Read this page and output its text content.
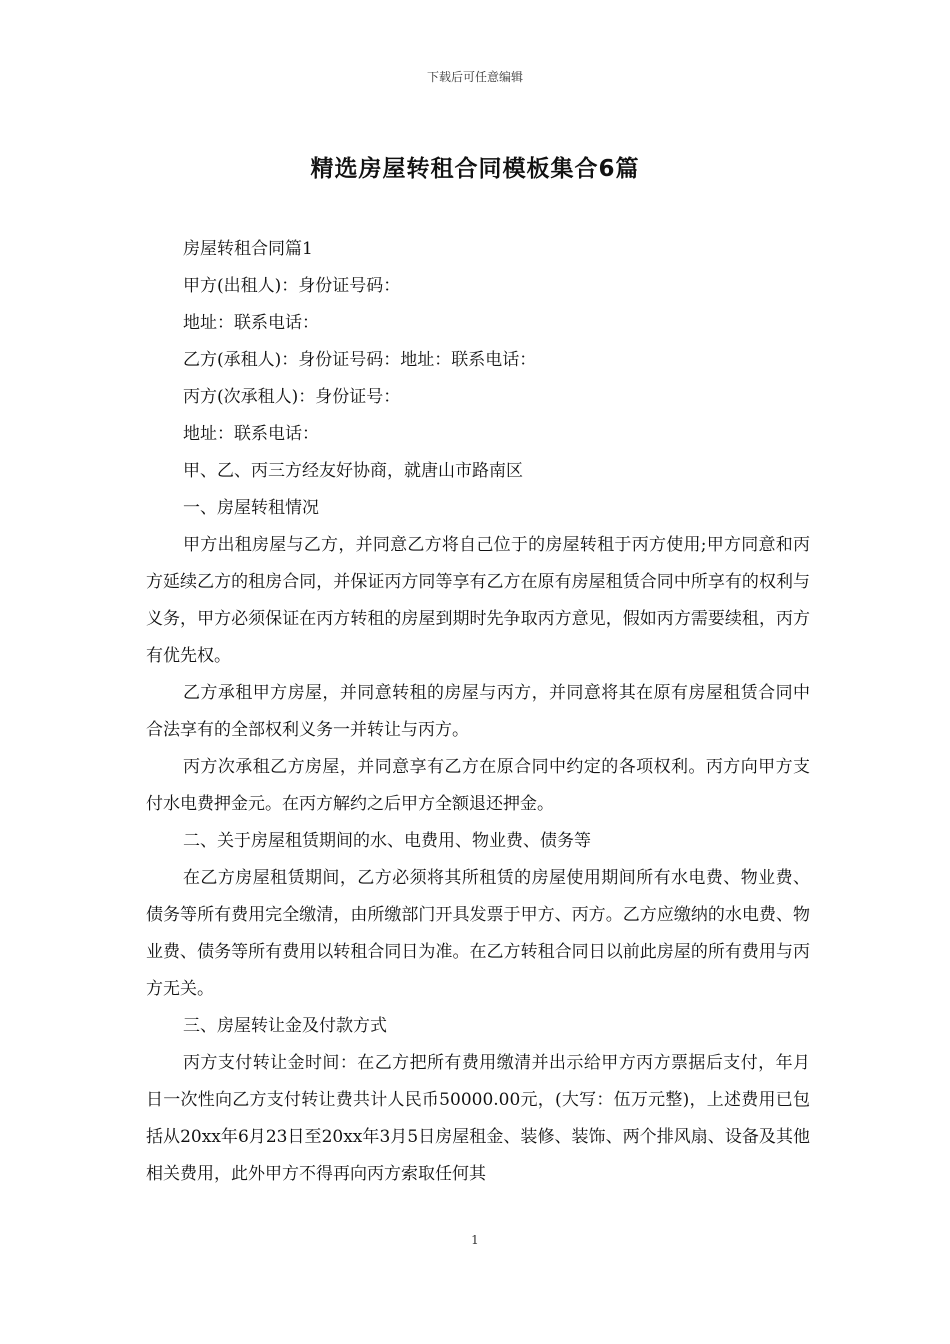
下载后可任意编辑
精选房屋转租合同模板集合6篇

房屋转租合同篇1

甲方(出租人)：身份证号码：

地址：联系电话：

乙方(承租人)：身份证号码：地址：联系电话：

丙方(次承租人)：身份证号：

地址：联系电话：

甲、乙、丙三方经友好协商，就唐山市路南区

一、房屋转租情况

甲方出租房屋与乙方，并同意乙方将自己位于的房屋转租于丙方使用;甲方同意和丙方延续乙方的租房合同，并保证丙方同等享有乙方在原有房屋租赁合同中所享有的权利与义务，甲方必须保证在丙方转租的房屋到期时先争取丙方意见，假如丙方需要续租，丙方有优先权。

乙方承租甲方房屋，并同意转租的房屋与丙方，并同意将其在原有房屋租赁合同中合法享有的全部权利义务一并转让与丙方。

丙方次承租乙方房屋，并同意享有乙方在原合同中约定的各项权利。丙方向甲方支付水电费押金元。在丙方解约之后甲方全额退还押金。

二、关于房屋租赁期间的水、电费用、物业费、债务等

在乙方房屋租赁期间，乙方必须将其所租赁的房屋使用期间所有水电费、物业费、债务等所有费用完全缴清，由所缴部门开具发票于甲方、丙方。乙方应缴纳的水电费、物业费、债务等所有费用以转租合同日为准。在乙方转租合同日以前此房屋的所有费用与丙方无关。

三、房屋转让金及付款方式

丙方支付转让金时间：在乙方把所有费用缴清并出示给甲方丙方票据后支付，年月日一次性向乙方支付转让费共计人民币50000.00元，(大写：伍万元整)，上述费用已包括从20xx年6月23日至20xx年3月5日房屋租金、装修、装饰、两个排风扇、设备及其他相关费用，此外甲方不得再向丙方索取任何其

1
